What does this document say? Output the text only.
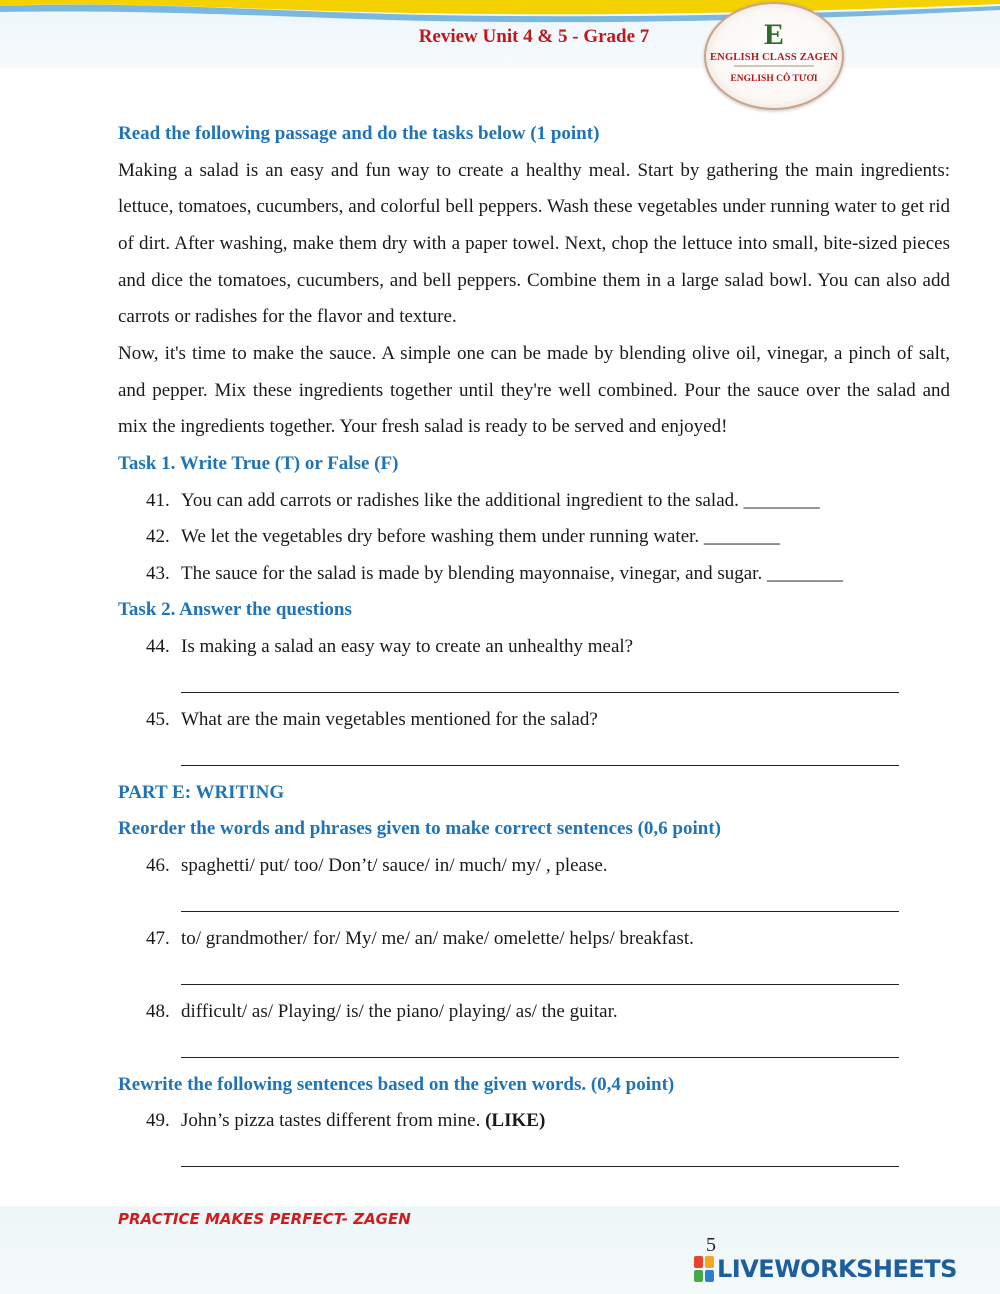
Review Unit 4 & 5 - Grade 7	E
ENGLISH CLASS ZAGEN
ENGLISH CÔ TƯƠI
Read the following passage and do the tasks below (1 point)

Making a salad is an easy and fun way to create a healthy meal. Start by gathering the main ingredients: lettuce, tomatoes, cucumbers, and colorful bell peppers. Wash these vegetables under running water to get rid of dirt. After washing, make them dry with a paper towel. Next, chop the lettuce into small, bite-sized pieces and dice the tomatoes, cucumbers, and bell peppers. Combine them in a large salad bowl. You can also add carrots or radishes for the flavor and texture.

Now, it's time to make the sauce. A simple one can be made by blending olive oil, vinegar, a pinch of salt, and pepper. Mix these ingredients together until they're well combined. Pour the sauce over the salad and mix the ingredients together. Your fresh salad is ready to be served and enjoyed!

Task 1. Write True (T) or False (F)
41. You can add carrots or radishes like the additional ingredient to the salad. ________
42. We let the vegetables dry before washing them under running water. ________
43. The sauce for the salad is made by blending mayonnaise, vinegar, and sugar. ________
Task 2. Answer the questions
44. Is making a salad an easy way to create an unhealthy meal?
45. What are the main vegetables mentioned for the salad?
PART E: WRITING
Reorder the words and phrases given to make correct sentences (0,6 point)
46. spaghetti/ put/ too/ Don’t/ sauce/ in/ much/ my/ , please.
47. to/ grandmother/ for/ My/ me/ an/ make/ omelette/ helps/ breakfast.
48. difficult/ as/ Playing/ is/ the piano/ playing/ as/ the guitar.
Rewrite the following sentences based on the given words. (0,4 point)
49. John’s pizza tastes different from mine. (LIKE)
PRACTICE MAKES PERFECT- ZAGEN
5
LIVEWORKSHEETS
